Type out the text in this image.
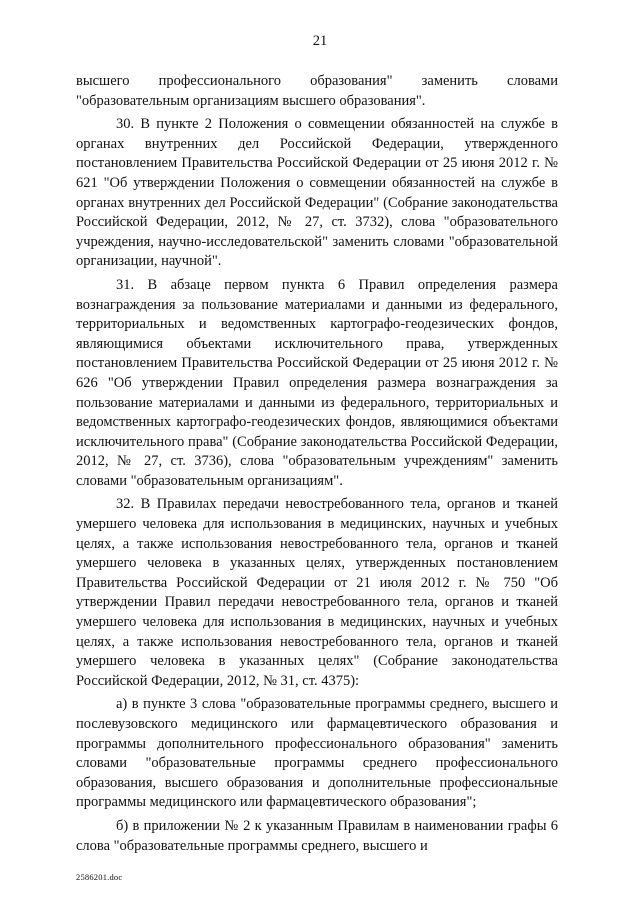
21

высшего профессионального образования" заменить словами "образовательным организациям высшего образования".

30. В пункте 2 Положения о совмещении обязанностей на службе в органах внутренних дел Российской Федерации, утвержденного постановлением Правительства Российской Федерации от 25 июня 2012 г. № 621 "Об утверждении Положения о совмещении обязанностей на службе в органах внутренних дел Российской Федерации" (Собрание законодательства Российской Федерации, 2012, № 27, ст. 3732), слова "образовательного учреждения, научно-исследовательской" заменить словами "образовательной организации, научной".

31. В абзаце первом пункта 6 Правил определения размера вознаграждения за пользование материалами и данными из федерального, территориальных и ведомственных картографо-геодезических фондов, являющимися объектами исключительного права, утвержденных постановлением Правительства Российской Федерации от 25 июня 2012 г. № 626 "Об утверждении Правил определения размера вознаграждения за пользование материалами и данными из федерального, территориальных и ведомственных картографо-геодезических фондов, являющимися объектами исключительного права" (Собрание законодательства Российской Федерации, 2012, № 27, ст. 3736), слова "образовательным учреждениям" заменить словами "образовательным организациям".

32. В Правилах передачи невостребованного тела, органов и тканей умершего человека для использования в медицинских, научных и учебных целях, а также использования невостребованного тела, органов и тканей умершего человека в указанных целях, утвержденных постановлением Правительства Российской Федерации от 21 июля 2012 г. № 750 "Об утверждении Правил передачи невостребованного тела, органов и тканей умершего человека для использования в медицинских, научных и учебных целях, а также использования невостребованного тела, органов и тканей умершего человека в указанных целях" (Собрание законодательства Российской Федерации, 2012, № 31, ст. 4375):

а) в пункте 3 слова "образовательные программы среднего, высшего и послевузовского медицинского или фармацевтического образования и программы дополнительного профессионального образования" заменить словами "образовательные программы среднего профессионального образования, высшего образования и дополнительные профессиональные программы медицинского или фармацевтического образования";

б) в приложении № 2 к указанным Правилам в наименовании графы 6 слова "образовательные программы среднего, высшего и

2586201.doc
